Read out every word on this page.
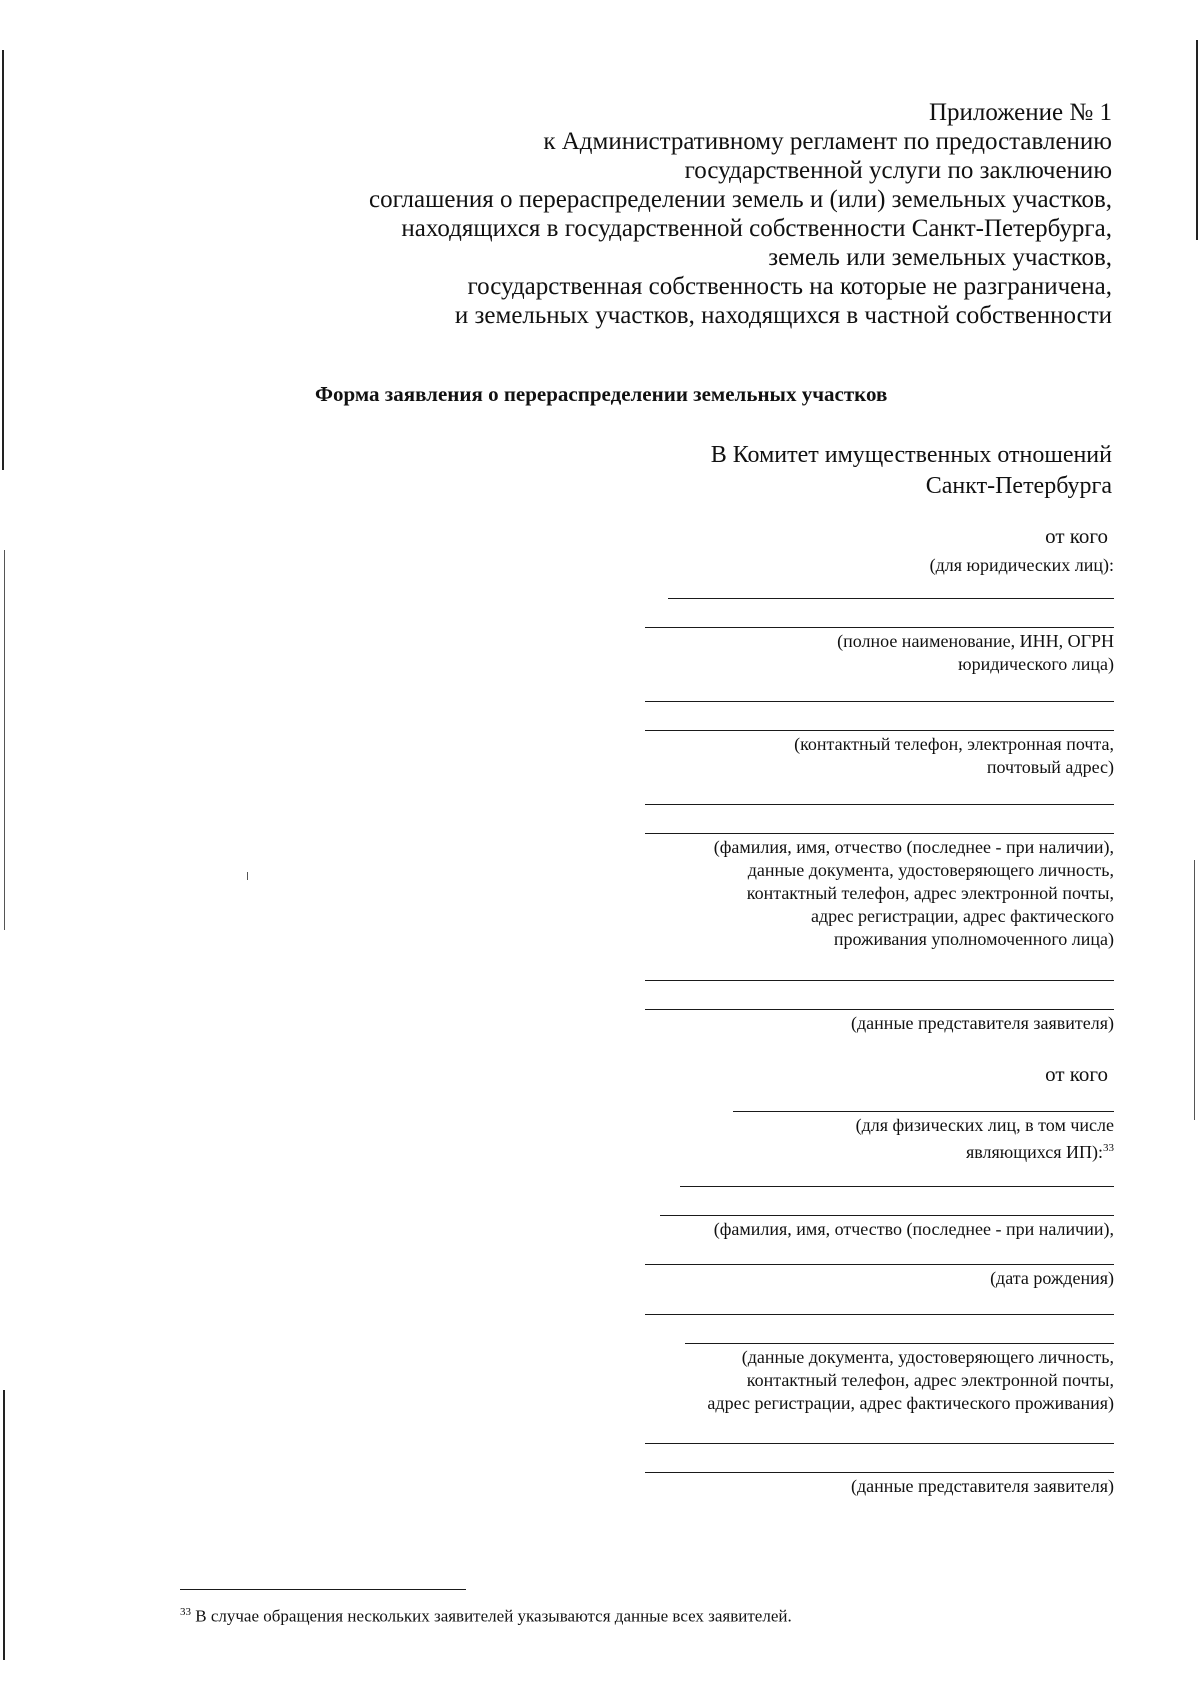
Приложение № 1
к Административному регламент по предоставлению
государственной услуги по заключению
соглашения о перераспределении земель и (или) земельных участков,
находящихся в государственной собственности Санкт-Петербурга,
земель или земельных участков,
государственная собственность на которые не разграничена,
и земельных участков, находящихся в частной собственности
Форма заявления о перераспределении земельных участков
В Комитет имущественных отношений
Санкт-Петербурга
от кого
(для юридических лиц):
(полное наименование, ИНН, ОГРН
юридического лица)
(контактный телефон, электронная почта,
почтовый адрес)
(фамилия, имя, отчество (последнее - при наличии),
данные документа, удостоверяющего личность,
контактный телефон, адрес электронной почты,
адрес регистрации, адрес фактического
проживания уполномоченного лица)
(данные представителя заявителя)
от кого
(для физических лиц, в том числе
являющихся ИП):$^{33}$
(фамилия, имя, отчество (последнее - при наличии),
(дата рождения)
(данные документа, удостоверяющего личность,
контактный телефон, адрес электронной почты,
адрес регистрации, адрес фактического проживания)
(данные представителя заявителя)
$^{33}$ В случае обращения нескольких заявителей указываются данные всех заявителей.
